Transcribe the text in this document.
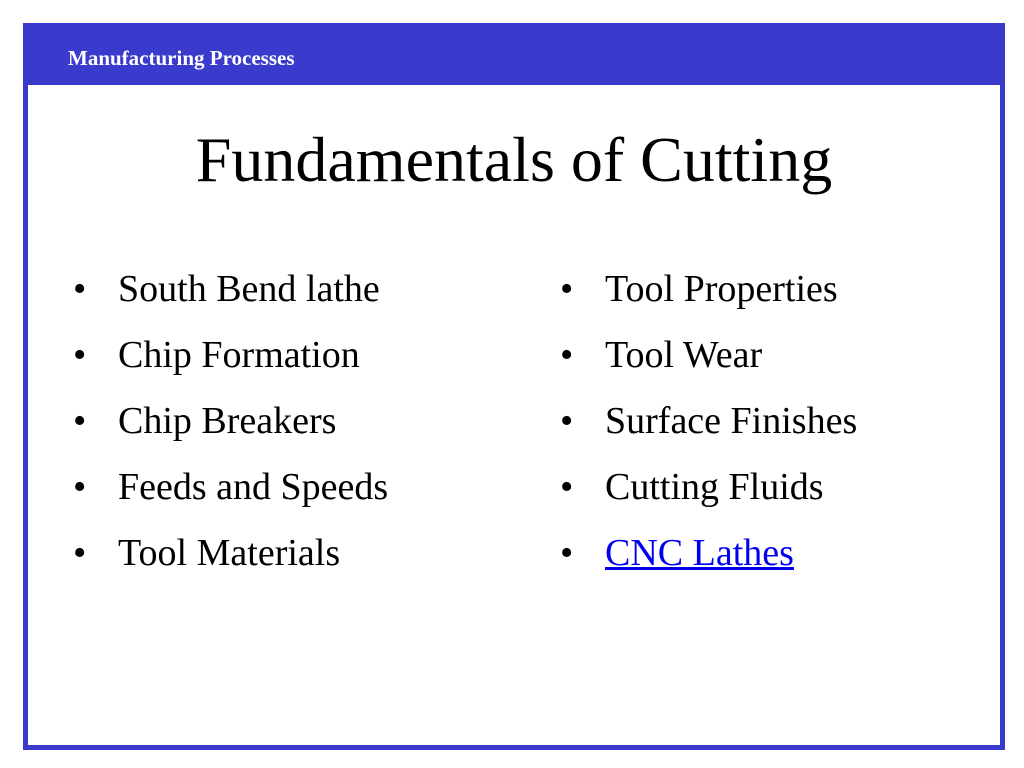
Manufacturing Processes
Fundamentals of Cutting
• South Bend lathe
• Chip Formation
• Chip Breakers
• Feeds and Speeds
• Tool Materials
• Tool Properties
• Tool Wear
• Surface Finishes
• Cutting Fluids
• CNC Lathes
